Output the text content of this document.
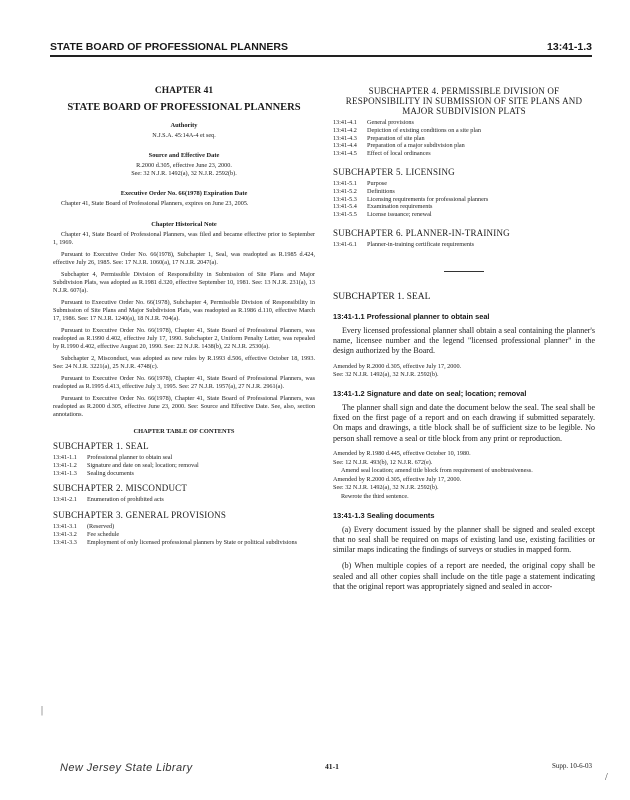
STATE BOARD OF PROFESSIONAL PLANNERS	13:41-1.3
CHAPTER 41
STATE BOARD OF PROFESSIONAL PLANNERS
Authority
N.J.S.A. 45:14A-4 et seq.
Source and Effective Date
R.2000 d.305, effective June 23, 2000.
See: 32 N.J.R. 1492(a), 32 N.J.R. 2592(b).
Executive Order No. 66(1978) Expiration Date

Chapter 41, State Board of Professional Planners, expires on June 23, 2005.

Chapter Historical Note

Chapter 41, State Board of Professional Planners, was filed and became effective prior to September 1, 1969.

Pursuant to Executive Order No. 66(1978), Subchapter 1, Seal, was readopted as R.1985 d.424, effective July 26, 1985. See: 17 N.J.R. 1060(a), 17 N.J.R. 2047(a).

Subchapter 4, Permissible Division of Responsibility in Submission of Site Plans and Major Subdivision Plats, was adopted as R.1981 d.320, effective September 10, 1981. See: 13 N.J.R. 231(a), 13 N.J.R. 607(a).

Pursuant to Executive Order No. 66(1978), Subchapter 4, Permissible Division of Responsibility in Submission of Site Plans and Major Subdivision Plats, was readopted as R.1986 d.110, effective March 17, 1986. See: 17 N.J.R. 1240(a), 18 N.J.R. 704(a).

Pursuant to Executive Order No. 66(1978), Chapter 41, State Board of Professional Planners, was readopted as R.1990 d.402, effective July 17, 1990. Subchapter 2, Uniform Penalty Letter, was repealed by R.1990 d.402, effective August 20, 1990. See: 22 N.J.R. 1438(b), 22 N.J.R. 2530(a).

Subchapter 2, Misconduct, was adopted as new rules by R.1993 d.506, effective October 18, 1993. See: 24 N.J.R. 3221(a), 25 N.J.R. 4748(c).

Pursuant to Executive Order No. 66(1978), Chapter 41, State Board of Professional Planners, was readopted as R.1995 d.413, effective July 3, 1995. See: 27 N.J.R. 1957(a), 27 N.J.R. 2961(a).

Pursuant to Executive Order No. 66(1978), Chapter 41, State Board of Professional Planners, was readopted as R.2000 d.305, effective June 23, 2000. See: Source and Effective Date. See, also, section annotations.

CHAPTER TABLE OF CONTENTS
SUBCHAPTER 1. SEAL
13:41-1.1	Professional planner to obtain seal
13:41-1.2	Signature and date on seal; location; removal
13:41-1.3	Sealing documents
SUBCHAPTER 2. MISCONDUCT
13:41-2.1	Enumeration of prohibited acts
SUBCHAPTER 3. GENERAL PROVISIONS
13:41-3.1	(Reserved)
13:41-3.2	Fee schedule
13:41-3.3	Employment of only licensed professional planners by State or political subdivisions
SUBCHAPTER 4. PERMISSIBLE DIVISION OF RESPONSIBILITY IN SUBMISSION OF SITE PLANS AND MAJOR SUBDIVISION PLATS
13:41-4.1	General provisions
13:41-4.2	Depiction of existing conditions on a site plan
13:41-4.3	Preparation of site plan
13:41-4.4	Preparation of a major subdivision plan
13:41-4.5	Effect of local ordinances
SUBCHAPTER 5. LICENSING
13:41-5.1	Purpose
13:41-5.2	Definitions
13:41-5.3	Licensing requirements for professional planners
13:41-5.4	Examination requirements
13:41-5.5	License issuance; renewal
SUBCHAPTER 6. PLANNER-IN-TRAINING
13:41-6.1	Planner-in-training certificate requirements
SUBCHAPTER 1. SEAL
13:41-1.1 Professional planner to obtain seal

Every licensed professional planner shall obtain a seal containing the planner's name, licensee number and the legend "licensed professional planner" in the design authorized by the Board.

Amended by R.2000 d.305, effective July 17, 2000.
See: 32 N.J.R. 1492(a), 32 N.J.R. 2592(b).
13:41-1.2 Signature and date on seal; location; removal

The planner shall sign and date the document below the seal. The seal shall be fixed on the first page of a report and on each drawing if submitted separately. On maps and drawings, a title block shall be of sufficient size to be legible. No person shall remove a seal or title block from any print or reproduction.

Amended by R.1980 d.445, effective October 10, 1980.
See: 12 N.J.R. 493(b), 12 N.J.R. 672(e).
Amend seal location; amend title block from requirement of unobtrusiveness.
Amended by R.2000 d.305, effective July 17, 2000.
See: 32 N.J.R. 1492(a), 32 N.J.R. 2592(b).
Rewrote the third sentence.
13:41-1.3 Sealing documents

(a) Every document issued by the planner shall be signed and sealed except that no seal shall be required on maps of existing land use, existing facilities or similar maps indicating the findings of surveys or studies in mapped form.

(b) When multiple copies of a report are needed, the original copy shall be sealed and all other copies shall include on the title page a statement indicating that the original report was appropriately signed and sealed in accor-

|
/
New Jersey State Library	41-1	Supp. 10-6-03
